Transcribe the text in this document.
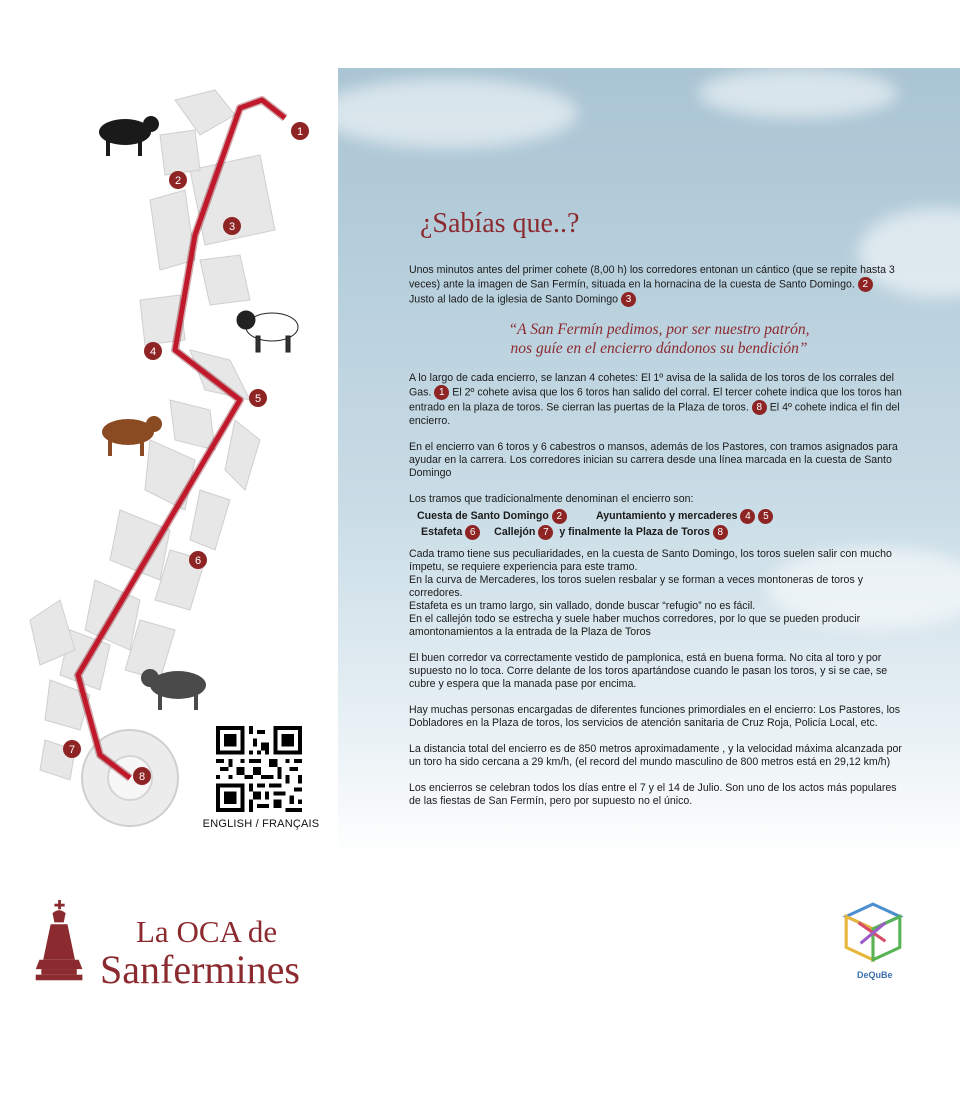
1
2
3
4
5
6
7
8
ENGLISH / FRANÇAIS
¿Sabías que..?

Unos minutos antes del primer cohete (8,00 h) los corredores entonan un cántico (que se repite hasta 3 veces) ante la imagen de San Fermín, situada en la hornacina de la cuesta de Santo Domingo. 2
Justo al lado de la iglesia de Santo Domingo 3

“A San Fermín pedimos, por ser nuestro patrón,
nos guíe en el encierro dándonos su bendición”

A lo largo de cada encierro, se lanzan 4 cohetes: El 1º avisa de la salida de los toros de los corrales del Gas. 1 El 2º cohete avisa que los 6 toros han salido del corral. El tercer cohete indica que los toros han entrado en la plaza de toros. Se cierran las puertas de la Plaza de toros. 8 El 4º cohete indica el fin del encierro.

En el encierro van 6 toros y 6 cabestros o mansos, además de los Pastores, con tramos asignados para ayudar en la carrera. Los corredores inician su carrera desde una línea marcada en la cuesta de Santo Domingo

Los tramos que tradicionalmente denominan el encierro son:
Cuesta de Santo Domingo 2	Ayuntamiento y mercaderes 4 5
Estafeta 6	Callejón 7	y finalmente la Plaza de Toros 8

Cada tramo tiene sus peculiaridades, en la cuesta de Santo Domingo, los toros suelen salir con mucho ímpetu, se requiere experiencia para este tramo.
En la curva de Mercaderes, los toros suelen resbalar y se forman a veces montoneras de toros y corredores.
Estafeta es un tramo largo, sin vallado, donde buscar “refugio” no es fácil.
En el callejón todo se estrecha y suele haber muchos corredores, por lo que se pueden producir amontonamientos a la entrada de la Plaza de Toros

El buen corredor va correctamente vestido de pamplonica, está en buena forma. No cita al toro y por supuesto no lo toca. Corre delante de los toros apartándose cuando le pasan los toros, y si se cae, se cubre y espera que la manada pase por encima.

Hay muchas personas encargadas de diferentes funciones primordiales en el encierro: Los Pastores, los Dobladores en la Plaza de toros, los servicios de atención sanitaria de Cruz Roja, Policía Local, etc.

La distancia total del encierro es de 850 metros aproximadamente , y la velocidad máxima alcanzada por un toro ha sido cercana a 29 km/h, (el record del mundo masculino de 800 metros está en 29,12 km/h)

Los encierros se celebran todos los días entre el 7 y el 14 de Julio. Son uno de los actos más populares de las fiestas de San Fermín, pero por supuesto no el único.

La OCA de
Sanfermines	DeQuBe
